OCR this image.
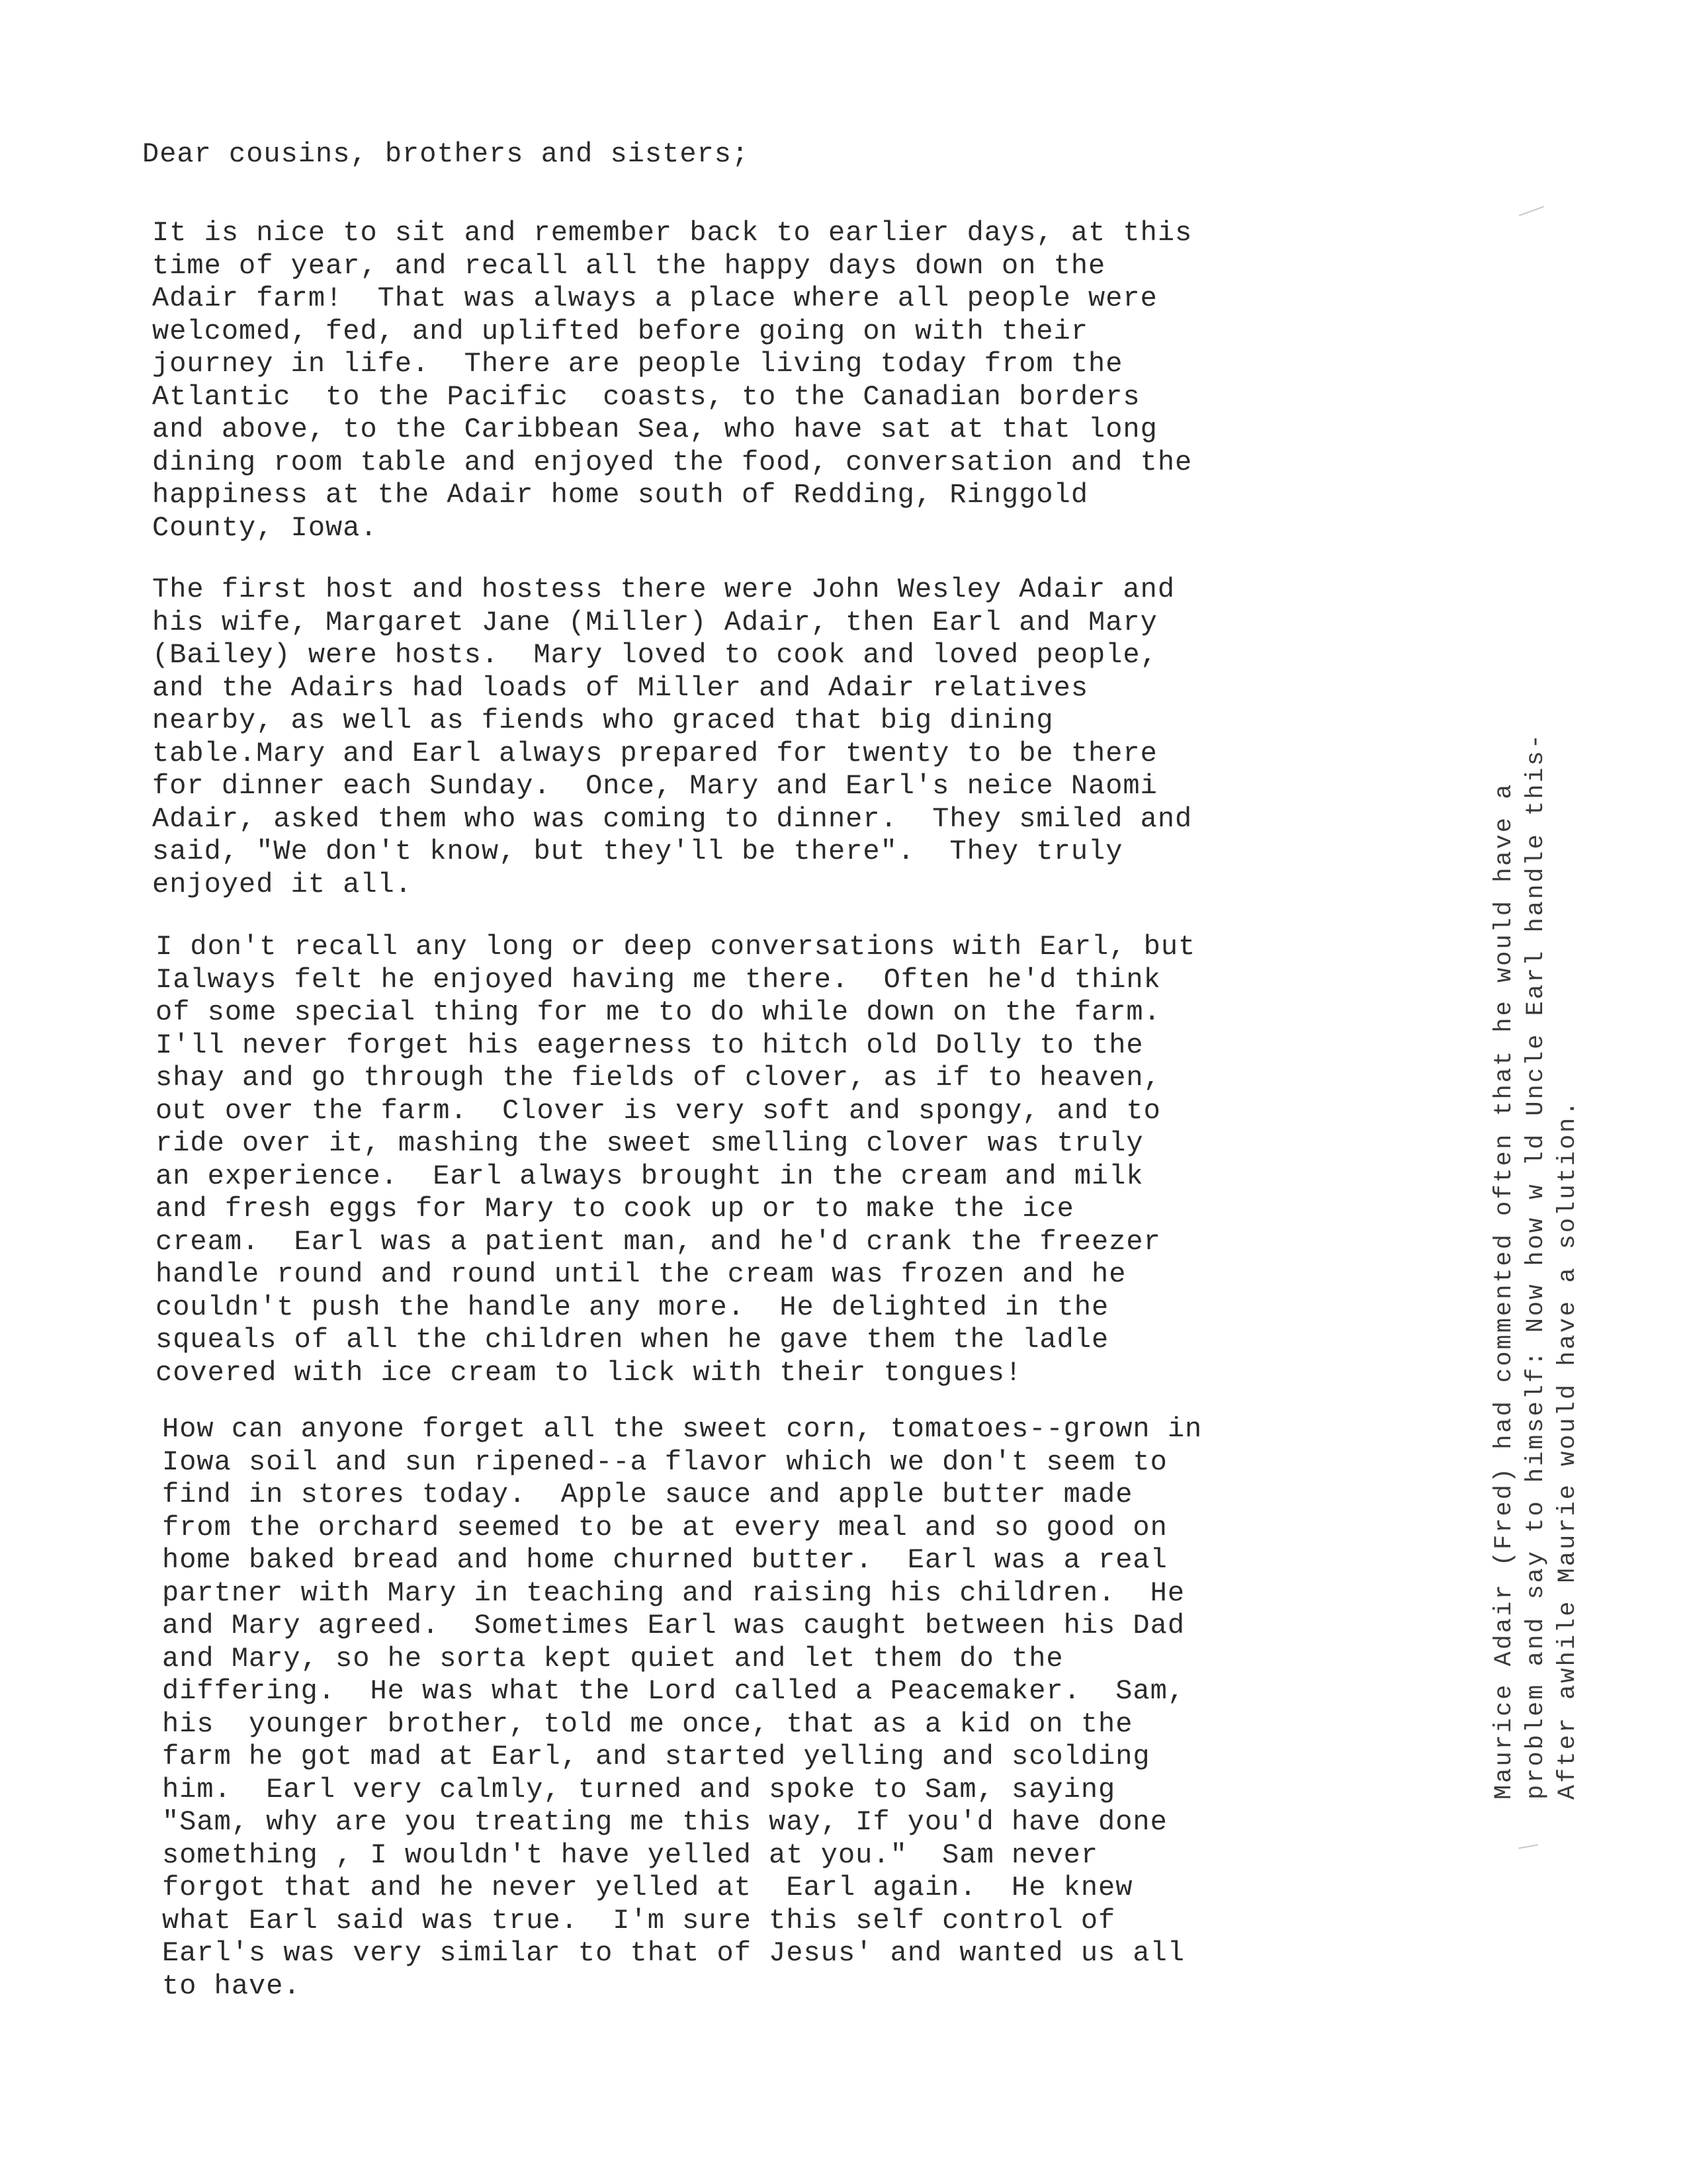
Dear cousins, brothers and sisters;
It is nice to sit and remember back to earlier days, at this
time of year, and recall all the happy days down on the
Adair farm!  That was always a place where all people were
welcomed, fed, and uplifted before going on with their
journey in life.  There are people living today from the
Atlantic  to the Pacific  coasts, to the Canadian borders
and above, to the Caribbean Sea, who have sat at that long
dining room table and enjoyed the food, conversation and the
happiness at the Adair home south of Redding, Ringgold
County, Iowa.
The first host and hostess there were John Wesley Adair and
his wife, Margaret Jane (Miller) Adair, then Earl and Mary
(Bailey) were hosts.  Mary loved to cook and loved people,
and the Adairs had loads of Miller and Adair relatives
nearby, as well as fiends who graced that big dining
table.Mary and Earl always prepared for twenty to be there
for dinner each Sunday.  Once, Mary and Earl's neice Naomi
Adair, asked them who was coming to dinner.  They smiled and
said, "We don't know, but they'll be there".  They truly
enjoyed it all.
I don't recall any long or deep conversations with Earl, but
Ialways felt he enjoyed having me there.  Often he'd think
of some special thing for me to do while down on the farm.
I'll never forget his eagerness to hitch old Dolly to the
shay and go through the fields of clover, as if to heaven,
out over the farm.  Clover is very soft and spongy, and to
ride over it, mashing the sweet smelling clover was truly
an experience.  Earl always brought in the cream and milk
and fresh eggs for Mary to cook up or to make the ice
cream.  Earl was a patient man, and he'd crank the freezer
handle round and round until the cream was frozen and he
couldn't push the handle any more.  He delighted in the
squeals of all the children when he gave them the ladle
covered with ice cream to lick with their tongues!
How can anyone forget all the sweet corn, tomatoes--grown in
Iowa soil and sun ripened--a flavor which we don't seem to
find in stores today.  Apple sauce and apple butter made
from the orchard seemed to be at every meal and so good on
home baked bread and home churned butter.  Earl was a real
partner with Mary in teaching and raising his children.  He
and Mary agreed.  Sometimes Earl was caught between his Dad
and Mary, so he sorta kept quiet and let them do the
differing.  He was what the Lord called a Peacemaker.  Sam,
his  younger brother, told me once, that as a kid on the
farm he got mad at Earl, and started yelling and scolding
him.  Earl very calmly, turned and spoke to Sam, saying
"Sam, why are you treating me this way, If you'd have done
something , I wouldn't have yelled at you."  Sam never
forgot that and he never yelled at  Earl again.  He knew
what Earl said was true.  I'm sure this self control of
Earl's was very similar to that of Jesus' and wanted us all
to have.
Maurice Adair (Fred) had commented often that he would have a problem and say to himself: Now how w ld Uncle Earl handle this- After awhile Maurie would have a solution.
